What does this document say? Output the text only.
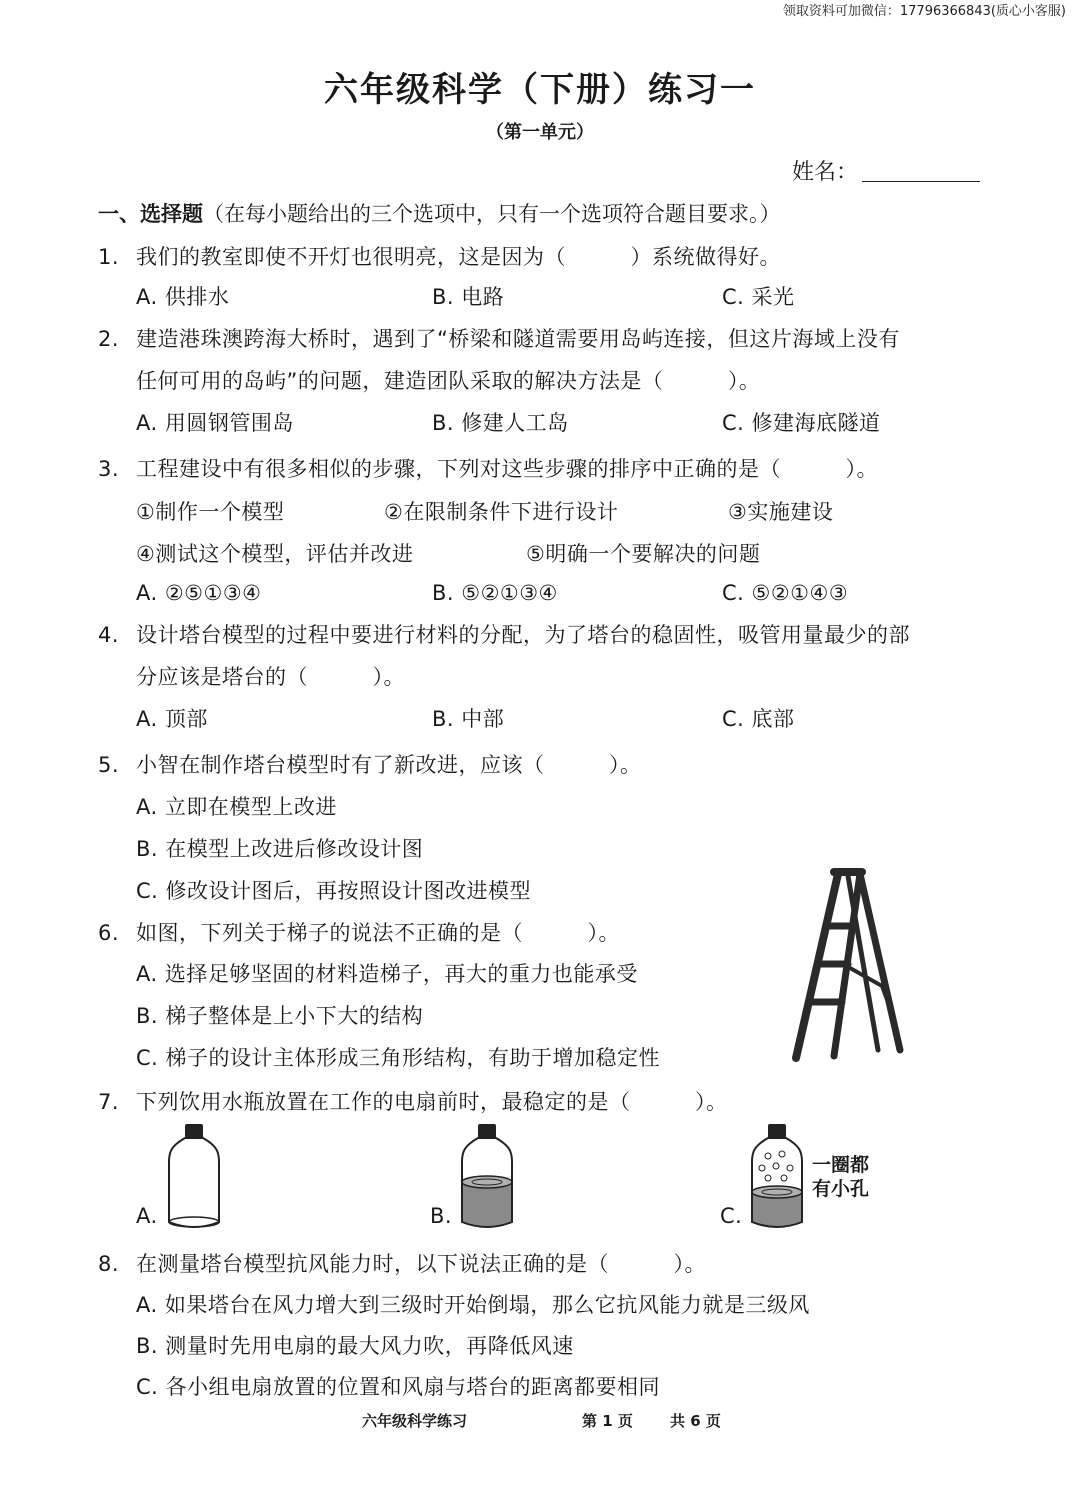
领取资料可加微信：17796366843(质心小客服)
六年级科学（下册）练习一
（第一单元）
姓名：
一、选择题（在每小题给出的三个选项中，只有一个选项符合题目要求。）
1. 我们的教室即使不开灯也很明亮，这是因为（　　　）系统做得好。
A. 供排水	B. 电路	C. 采光
2. 建造港珠澳跨海大桥时，遇到了“桥梁和隧道需要用岛屿连接，但这片海域上没有
任何可用的岛屿”的问题，建造团队采取的解决方法是（　　　）。
A. 用圆钢管围岛	B. 修建人工岛	C. 修建海底隧道
3. 工程建设中有很多相似的步骤，下列对这些步骤的排序中正确的是（　　　）。
①制作一个模型	②在限制条件下进行设计	③实施建设
④测试这个模型，评估并改进	⑤明确一个要解决的问题
A. ②⑤①③④	B. ⑤②①③④	C. ⑤②①④③
4. 设计塔台模型的过程中要进行材料的分配，为了塔台的稳固性，吸管用量最少的部
分应该是塔台的（　　　）。
A. 顶部	B. 中部	C. 底部
5. 小智在制作塔台模型时有了新改进，应该（　　　）。
A. 立即在模型上改进
B. 在模型上改进后修改设计图
C. 修改设计图后，再按照设计图改进模型
6. 如图，下列关于梯子的说法不正确的是（　　　）。
A. 选择足够坚固的材料造梯子，再大的重力也能承受
B. 梯子整体是上小下大的结构
C. 梯子的设计主体形成三角形结构，有助于增加稳定性
7. 下列饮用水瓶放置在工作的电扇前时，最稳定的是（　　　）。
A.	B.	C.
一圈都
有小孔
8. 在测量塔台模型抗风能力时，以下说法正确的是（　　　）。
A. 如果塔台在风力增大到三级时开始倒塌，那么它抗风能力就是三级风
B. 测量时先用电扇的最大风力吹，再降低风速
C. 各小组电扇放置的位置和风扇与塔台的距离都要相同
六年级科学练习	第 1 页 共 6 页
